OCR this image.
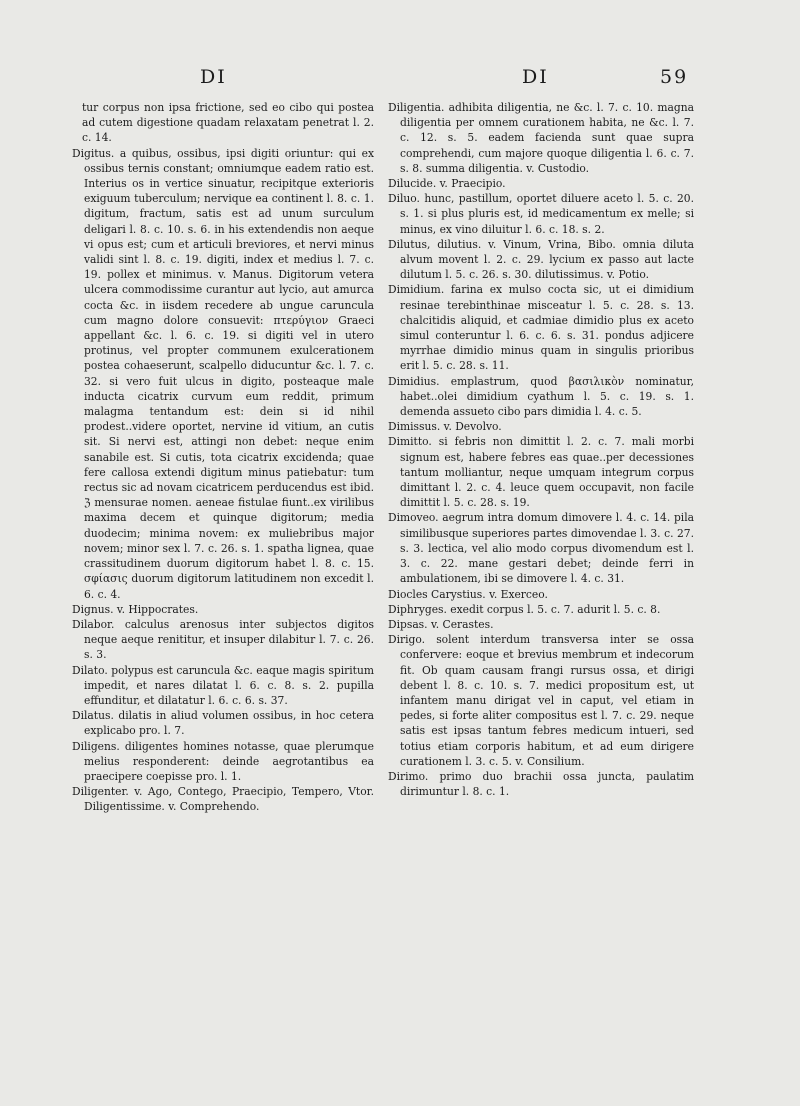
DI	DI	59

tur corpus non ipsa frictione, sed eo cibo qui postea ad cutem digestione quadam relaxatam penetrat l. 2. c. 14.

Digitus. a quibus, ossibus, ipsi digiti oriuntur: qui ex ossibus ternis constant; omniumque eadem ratio est. Interius os in vertice sinuatur, recipitque exterioris exiguum tuberculum; nervique ea continent l. 8. c. 1. digitum, fractum, satis est ad unum surculum deligari l. 8. c. 10. s. 6. in his extendendis non aeque vi opus est; cum et articuli breviores, et nervi minus validi sint l. 8. c. 19. digiti, index et medius l. 7. c. 19. pollex et minimus. v. Manus. Digitorum vetera ulcera commodissime curantur aut lycio, aut amurca cocta &c. in iisdem recedere ab ungue caruncula cum magno dolore consuevit: πτερύγιον Graeci appellant &c. l. 6. c. 19. si digiti vel in utero protinus, vel propter communem exulcerationem postea cohaeserunt, scalpello diducuntur &c. l. 7. c. 32. si vero fuit ulcus in digito, posteaque male inducta cicatrix curvum eum reddit, primum malagma tentandum est: dein si id nihil prodest..videre oportet, nervine id vitium, an cutis sit. Si nervi est, attingi non debet: neque enim sanabile est. Si cutis, tota cicatrix excidenda; quae fere callosa extendi digitum minus patiebatur: tum rectus sic ad novam cicatricem perducendus est ibid. ℨ mensurae nomen. aeneae fistulae fiunt..ex virilibus maxima decem et quinque digitorum; media duodecim; minima novem: ex muliebribus major novem; minor sex l. 7. c. 26. s. 1. spatha lignea, quae crassitudinem duorum digitorum habet l. 8. c. 15. σφίασις duorum digitorum latitudinem non excedit l. 6. c. 4.

Dignus. v. Hippocrates.

Dilabor. calculus arenosus inter subjectos digitos neque aeque renititur, et insuper dilabitur l. 7. c. 26. s. 3.

Dilato. polypus est caruncula &c. eaque magis spiritum impedit, et nares dilatat l. 6. c. 8. s. 2. pupilla effunditur, et dilatatur l. 6. c. 6. s. 37.

Dilatus. dilatis in aliud volumen ossibus, in hoc cetera explicabo pro. l. 7.

Diligens. diligentes homines notasse, quae plerumque melius responderent: deinde aegrotantibus ea praecipere coepisse pro. l. 1.

Diligenter. v. Ago, Contego, Praecipio, Tempero, Vtor. Diligentissime. v. Comprehendo.

Diligentia. adhibita diligentia, ne &c. l. 7. c. 10. magna diligentia per omnem curationem habita, ne &c. l. 7. c. 12. s. 5. eadem facienda sunt quae supra comprehendi, cum majore quoque diligentia l. 6. c. 7. s. 8. summa diligentia. v. Custodio.

Dilucide. v. Praecipio.

Diluo. hunc, pastillum, oportet diluere aceto l. 5. c. 20. s. 1. si plus pluris est, id medicamentum ex melle; si minus, ex vino diluitur l. 6. c. 18. s. 2.

Dilutus, dilutius. v. Vinum, Vrina, Bibo. omnia diluta alvum movent l. 2. c. 29. lycium ex passo aut lacte dilutum l. 5. c. 26. s. 30. dilutissimus. v. Potio.

Dimidium. farina ex mulso cocta sic, ut ei dimidium resinae terebinthinae misceatur l. 5. c. 28. s. 13. chalcitidis aliquid, et cadmiae dimidio plus ex aceto simul conteruntur l. 6. c. 6. s. 31. pondus adjicere myrrhae dimidio minus quam in singulis prioribus erit l. 5. c. 28. s. 11.

Dimidius. emplastrum, quod βασιλικὸν nominatur, habet..olei dimidium cyathum l. 5. c. 19. s. 1. demenda assueto cibo pars dimidia l. 4. c. 5.

Dimissus. v. Devolvo.

Dimitto. si febris non dimittit l. 2. c. 7. mali morbi signum est, habere febres eas quae..per decessiones tantum molliantur, neque umquam integrum corpus dimittant l. 2. c. 4. leuce quem occupavit, non facile dimittit l. 5. c. 28. s. 19.

Dimoveo. aegrum intra domum dimovere l. 4. c. 14. pila similibusque superiores partes dimovendae l. 3. c. 27. s. 3. lectica, vel alio modo corpus divomendum est l. 3. c. 22. mane gestari debet; deinde ferri in ambulationem, ibi se dimovere l. 4. c. 31.

Diocles Carystius. v. Exerceo.

Diphryges. exedit corpus l. 5. c. 7. adurit l. 5. c. 8.

Dipsas. v. Cerastes.

Dirigo. solent interdum transversa inter se ossa confervere: eoque et brevius membrum et indecorum fit. Ob quam causam frangi rursus ossa, et dirigi debent l. 8. c. 10. s. 7. medici propositum est, ut infantem manu dirigat vel in caput, vel etiam in pedes, si forte aliter compositus est l. 7. c. 29. neque satis est ipsas tantum febres medicum intueri, sed totius etiam corporis habitum, et ad eum dirigere curationem l. 3. c. 5. v. Consilium.

Dirimo. primo duo brachii ossa juncta, paulatim dirimuntur l. 8. c. 1.
